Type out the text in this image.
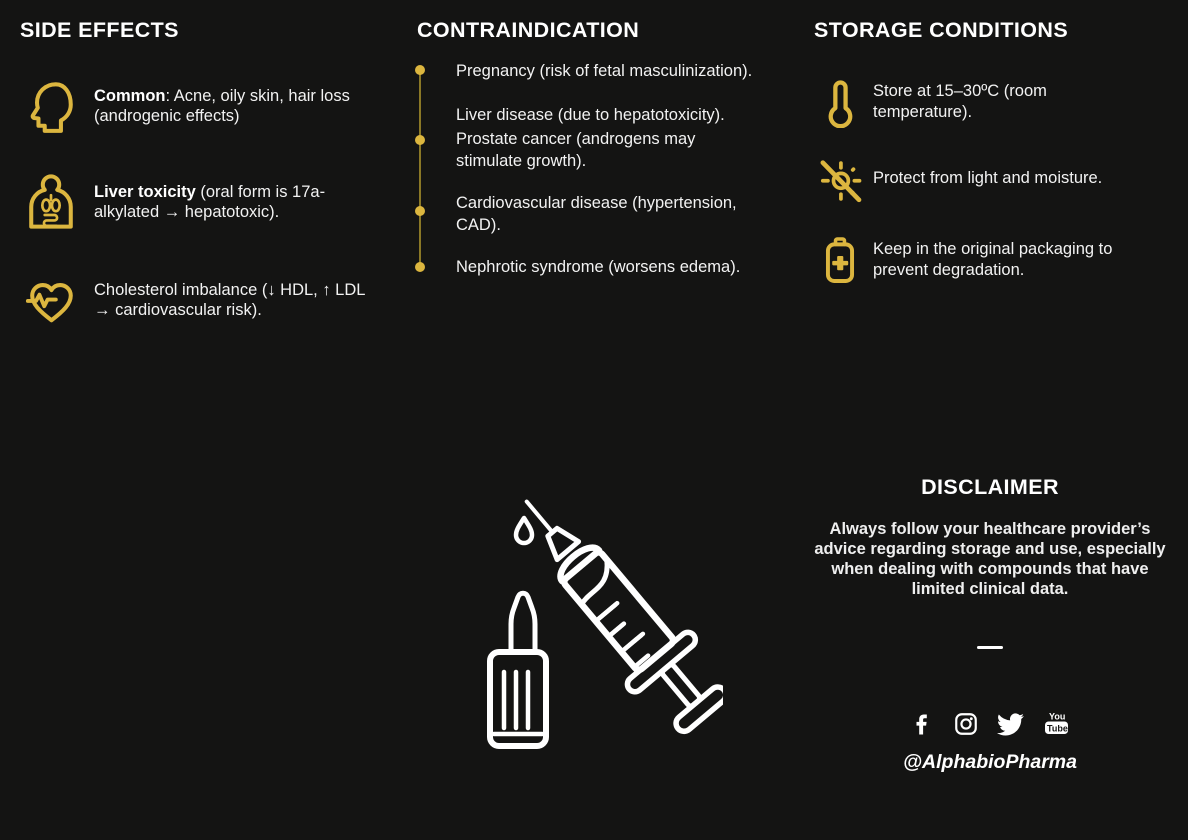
SIDE EFFECTS

Common: Acne, oily skin, hair loss (androgenic effects)

Liver toxicity (oral form is 17a-alkylated → hepatotoxic).

Cholesterol imbalance (↓ HDL, ↑ LDL → cardiovascular risk).

CONTRAINDICATION

Pregnancy (risk of fetal masculinization).

Liver disease (due to hepatotoxicity).

Prostate cancer (androgens may stimulate growth).

Cardiovascular disease (hypertension, CAD).

Nephrotic syndrome (worsens edema).

STORAGE CONDITIONS

Store at 15–30ºC (room temperature).

Protect from light and moisture.

Keep in the original packaging to prevent degradation.

DISCLAIMER

Always follow your healthcare provider’s advice regarding storage and use, especially when dealing with compounds that have limited clinical data.

You
Tube

@AlphabioPharma
